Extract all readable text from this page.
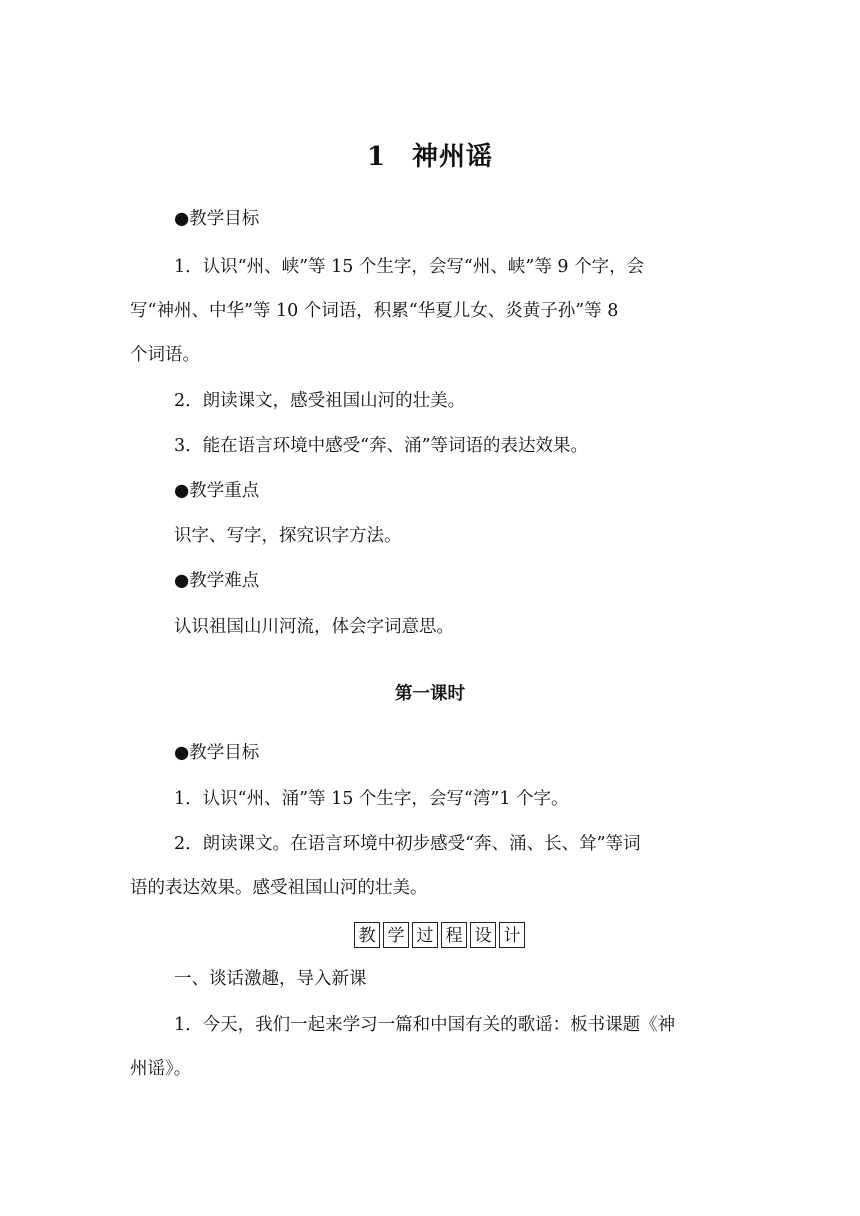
1 神州谣
●教学目标
1．认识“州、峡”等 15 个生字，会写“州、峡”等 9 个字，会
写“神州、中华”等 10 个词语，积累“华夏儿女、炎黄子孙”等 8
个词语。
2．朗读课文，感受祖国山河的壮美。
3．能在语言环境中感受“奔、涌”等词语的表达效果。
●教学重点
识字、写字，探究识字方法。
●教学难点
认识祖国山川河流，体会字词意思。
第一课时
●教学目标
1．认识“州、涌”等 15 个生字，会写“湾”1 个字。
2．朗读课文。在语言环境中初步感受“奔、涌、长、耸”等词
语的表达效果。感受祖国山河的壮美。
教 学 过 程 设 计
一、谈话激趣，导入新课
1．今天，我们一起来学习一篇和中国有关的歌谣：板书课题《神
州谣》。
